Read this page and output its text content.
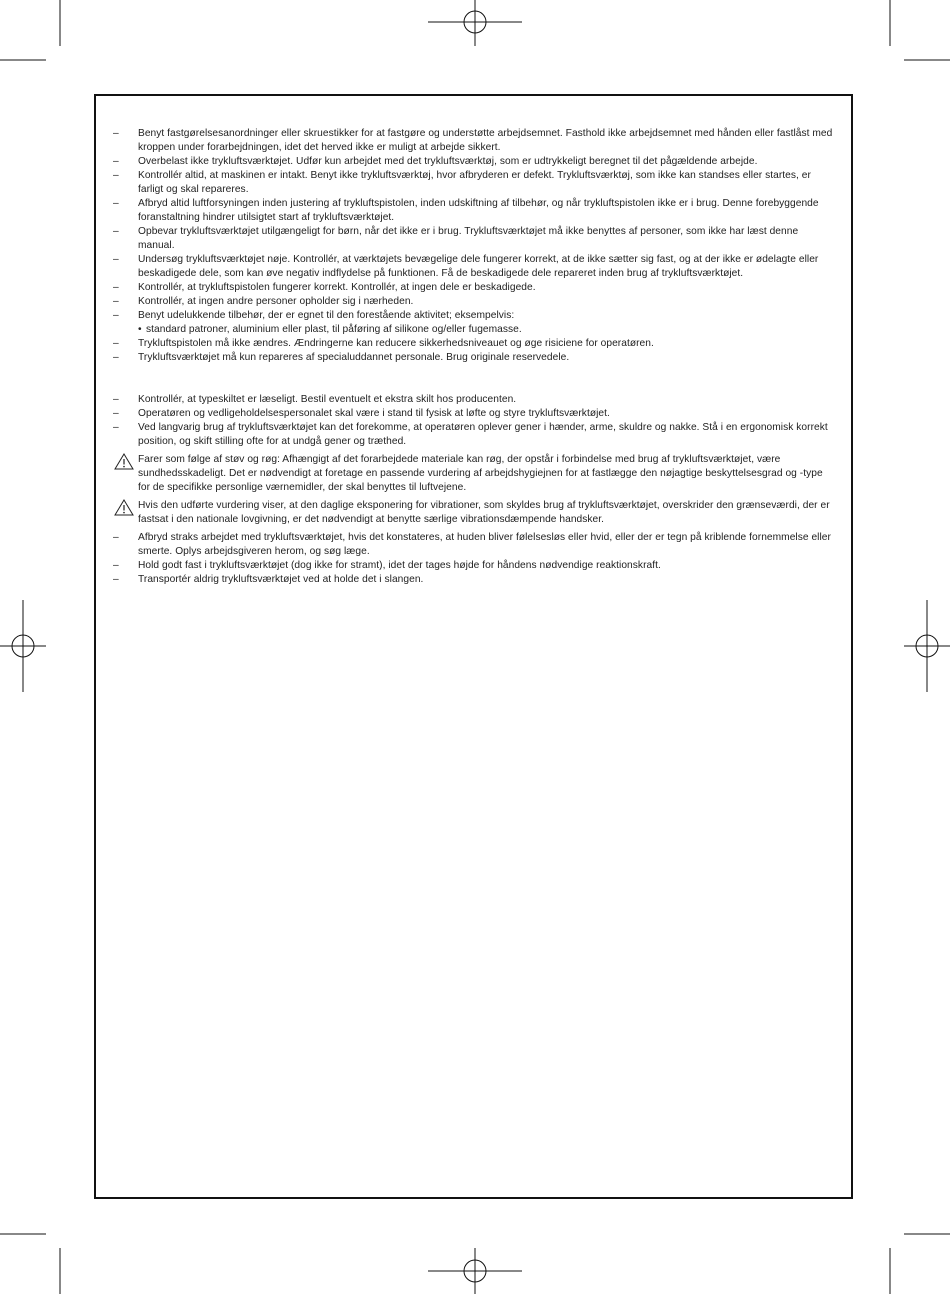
– Benyt fastgørelsesanordninger eller skruestikker for at fastgøre og understøtte arbejdsemnet. Fasthold ikke arbejdsemnet med hånden eller fastlåst med kroppen under forarbejdningen, idet det herved ikke er muligt at arbejde sikkert.
– Overbelast ikke trykluftsværktøjet. Udfør kun arbejdet med det trykluftsværktøj, som er udtrykkeligt beregnet til det pågældende arbejde.
– Kontrollér altid, at maskinen er intakt. Benyt ikke trykluftsværktøj, hvor afbryderen er defekt. Trykluftsværktøj, som ikke kan standses eller startes, er farligt og skal repareres.
– Afbryd altid luftforsyningen inden justering af trykluftspistolen, inden udskiftning af tilbehør, og når trykluftspistolen ikke er i brug. Denne forebyggende foranstaltning hindrer utilsigtet start af trykluftsværktøjet.
– Opbevar trykluftsværktøjet utilgængeligt for børn, når det ikke er i brug. Trykluftsværktøjet må ikke benyttes af personer, som ikke har læst denne manual.
– Undersøg trykluftsværktøjet nøje. Kontrollér, at værktøjets bevægelige dele fungerer korrekt, at de ikke sætter sig fast, og at der ikke er ødelagte eller beskadigede dele, som kan øve negativ indflydelse på funktionen. Få de beskadigede dele repareret inden brug af trykluftsværktøjet.
– Kontrollér, at trykluftspistolen fungerer korrekt. Kontrollér, at ingen dele er beskadigede.
– Kontrollér, at ingen andre personer opholder sig i nærheden.
– Benyt udelukkende tilbehør, der er egnet til den forestående aktivitet; eksempelvis:
• standard patroner, aluminium eller plast, til påføring af silikone og/eller fugemasse.
– Trykluftspistolen må ikke ændres. Ændringerne kan reducere sikkerhedsniveauet og øge risiciene for operatøren.
– Trykluftsværktøjet må kun repareres af specialuddannet personale. Brug originale reservedele.
– Kontrollér, at typeskiltet er læseligt. Bestil eventuelt et ekstra skilt hos producenten.
– Operatøren og vedligeholdelsespersonalet skal være i stand til fysisk at løfte og styre trykluftsværktøjet.
– Ved langvarig brug af trykluftsværktøjet kan det forekomme, at operatøren oplever gener i hænder, arme, skuldre og nakke. Stå i en ergonomisk korrekt position, og skift stilling ofte for at undgå gener og træthed.
Farer som følge af støv og røg: Afhængigt af det forarbejdede materiale kan røg, der opstår i forbindelse med brug af trykluftsværktøjet, være sundhedsskadeligt. Det er nødvendigt at foretage en passende vurdering af arbejdshygiejnen for at fastlægge den nøjagtige beskyttelsesgrad og -type for de specifikke personlige værnemidler, der skal benyttes til luftvejene.
Hvis den udførte vurdering viser, at den daglige eksponering for vibrationer, som skyldes brug af trykluftsværktøjet, overskrider den grænseværdi, der er fastsat i den nationale lovgivning, er det nødvendigt at benytte særlige vibrationsdæmpende handsker.
– Afbryd straks arbejdet med trykluftsværktøjet, hvis det konstateres, at huden bliver følelsesløs eller hvid, eller der er tegn på kriblende fornemmelse eller smerte. Oplys arbejdsgiveren herom, og søg læge.
– Hold godt fast i trykluftsværktøjet (dog ikke for stramt), idet der tages højde for håndens nødvendige reaktionskraft.
– Transportér aldrig trykluftsværktøjet ved at holde det i slangen.
